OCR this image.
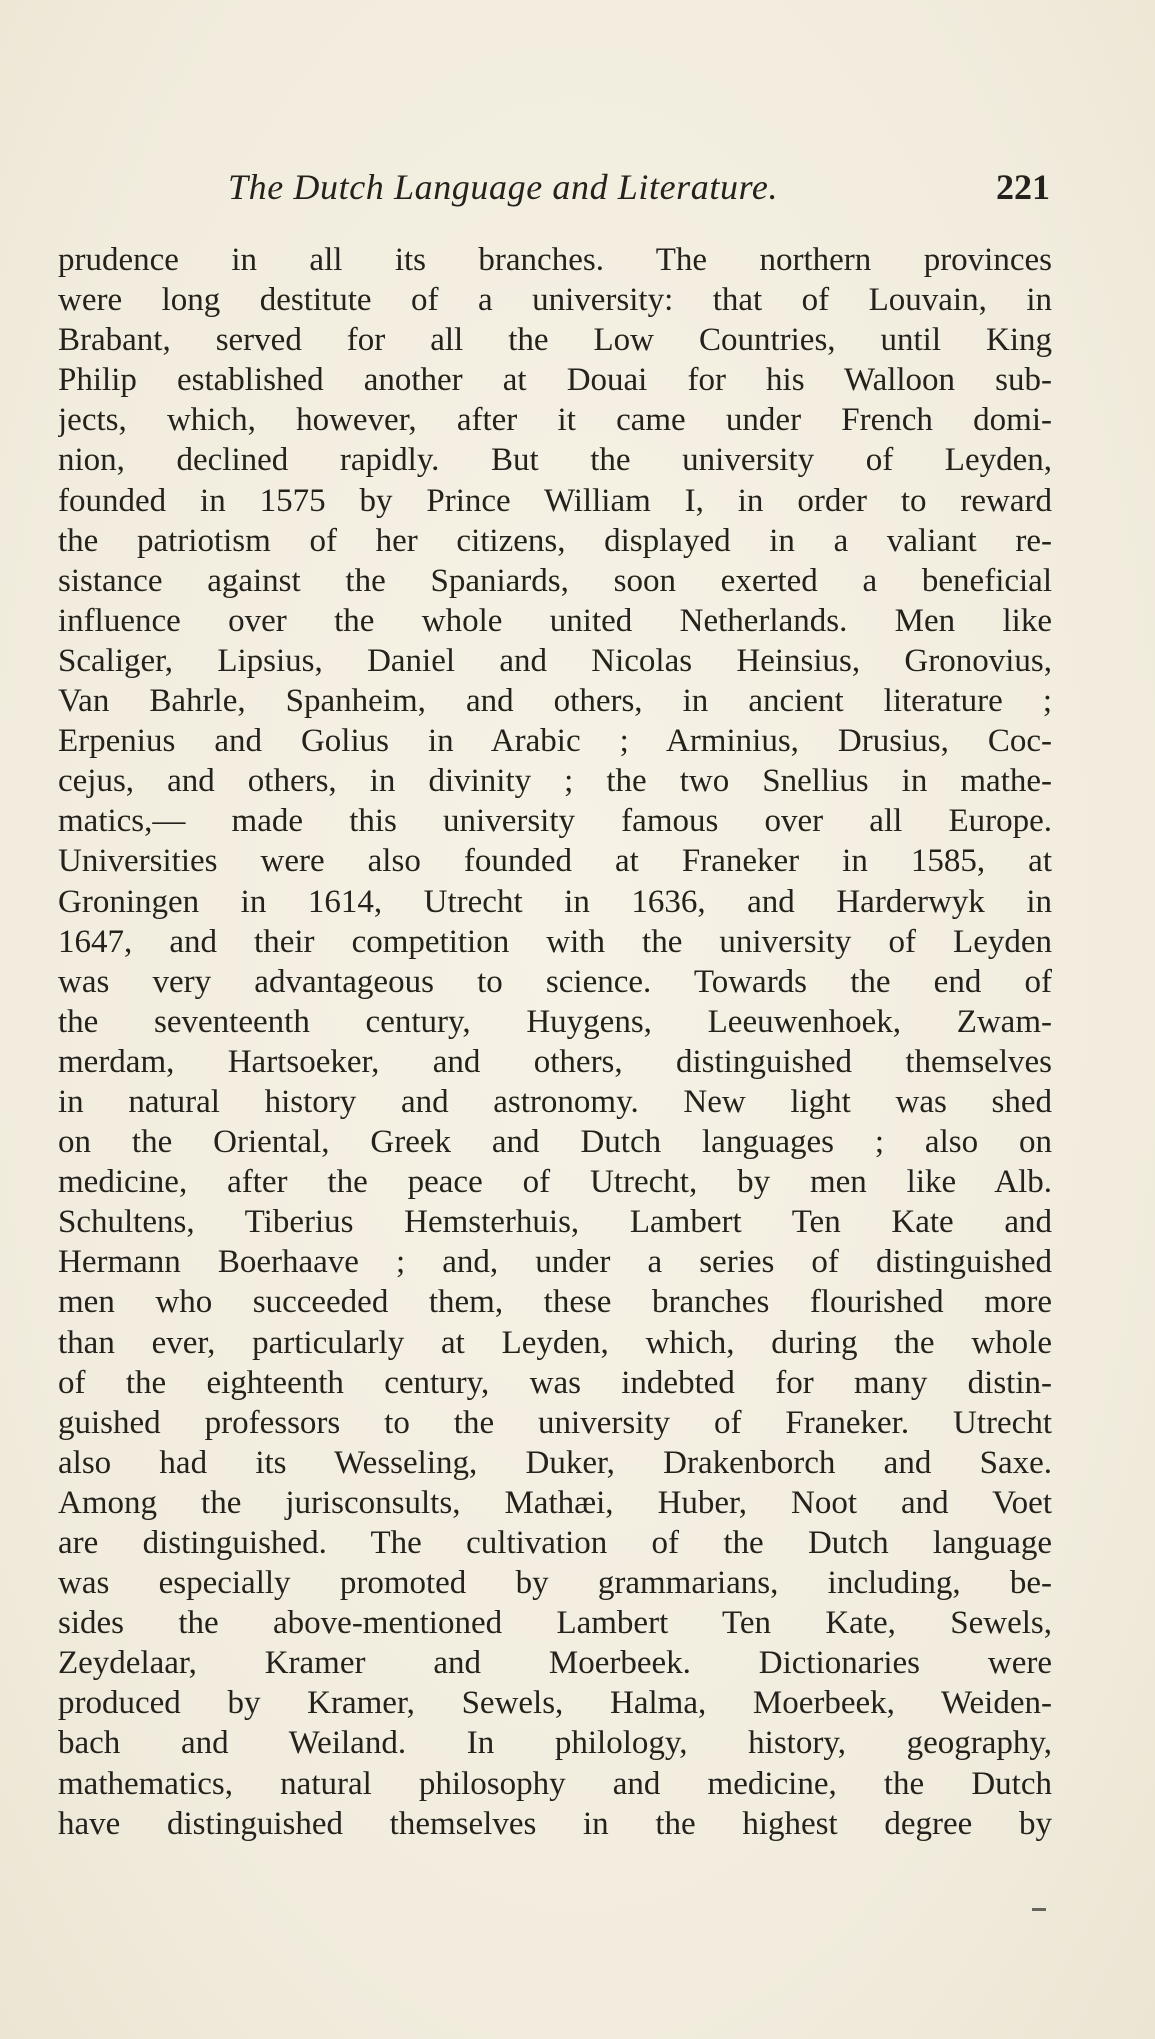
The Dutch Language and Literature.	221
prudence in all its branches. The northern provinces
were long destitute of a university: that of Louvain, in
Brabant, served for all the Low Countries, until King
Philip established another at Douai for his Walloon sub-
jects, which, however, after it came under French domi-
nion, declined rapidly. But the university of Leyden,
founded in 1575 by Prince William I, in order to reward
the patriotism of her citizens, displayed in a valiant re-
sistance against the Spaniards, soon exerted a beneficial
influence over the whole united Netherlands. Men like
Scaliger, Lipsius, Daniel and Nicolas Heinsius, Gronovius,
Van Bahrle, Spanheim, and others, in ancient literature ;
Erpenius and Golius in Arabic ; Arminius, Drusius, Coc-
cejus, and others, in divinity ; the two Snellius in mathe-
matics,— made this university famous over all Europe.
Universities were also founded at Franeker in 1585, at
Groningen in 1614, Utrecht in 1636, and Harderwyk in
1647, and their competition with the university of Leyden
was very advantageous to science. Towards the end of
the seventeenth century, Huygens, Leeuwenhoek, Zwam-
merdam, Hartsoeker, and others, distinguished themselves
in natural history and astronomy. New light was shed
on the Oriental, Greek and Dutch languages ; also on
medicine, after the peace of Utrecht, by men like Alb.
Schultens, Tiberius Hemsterhuis, Lambert Ten Kate and
Hermann Boerhaave ; and, under a series of distinguished
men who succeeded them, these branches flourished more
than ever, particularly at Leyden, which, during the whole
of the eighteenth century, was indebted for many distin-
guished professors to the university of Franeker. Utrecht
also had its Wesseling, Duker, Drakenborch and Saxe.
Among the jurisconsults, Mathæi, Huber, Noot and Voet
are distinguished. The cultivation of the Dutch language
was especially promoted by grammarians, including, be-
sides the above-mentioned Lambert Ten Kate, Sewels,
Zeydelaar, Kramer and Moerbeek. Dictionaries were
produced by Kramer, Sewels, Halma, Moerbeek, Weiden-
bach and Weiland. In philology, history, geography,
mathematics, natural philosophy and medicine, the Dutch
have distinguished themselves in the highest degree by
